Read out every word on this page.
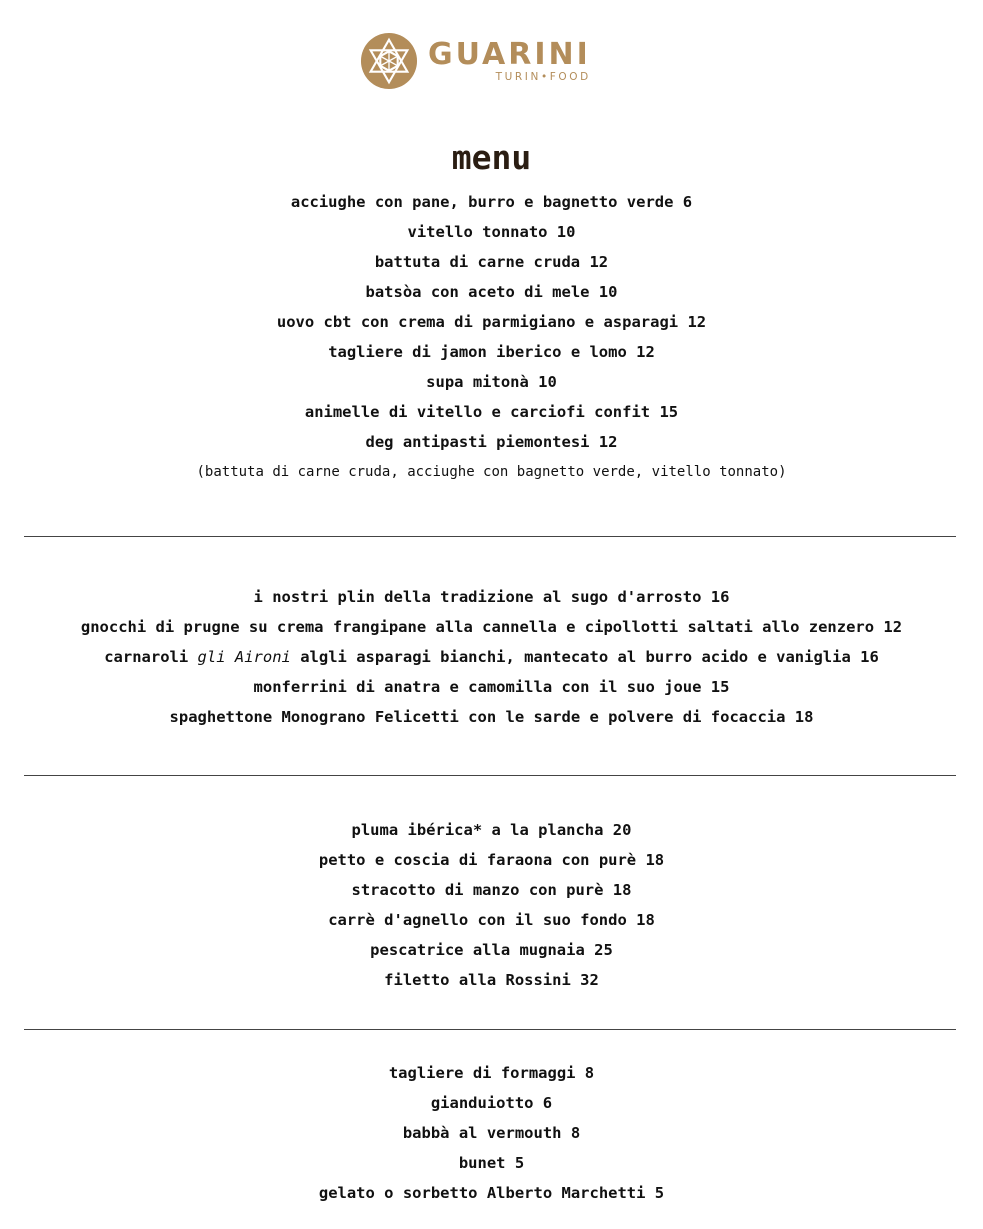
GUARINI
TURIN•FOOD
menu
acciughe con pane, burro e bagnetto verde 6
vitello tonnato 10
battuta di carne cruda 12
batsòa con aceto di mele 10
uovo cbt con crema di parmigiano e asparagi 12
tagliere di jamon iberico e lomo 12
supa mitonà 10
animelle di vitello e carciofi confit 15
deg antipasti piemontesi 12
(battuta di carne cruda, acciughe con bagnetto verde, vitello tonnato)
i nostri plin della tradizione al sugo d'arrosto 16
gnocchi di prugne su crema frangipane alla cannella e cipollotti saltati allo zenzero 12
carnaroli gli Aironi algli asparagi bianchi, mantecato al burro acido e vaniglia 16
monferrini di anatra e camomilla con il suo joue 15
spaghettone Monograno Felicetti con le sarde e polvere di focaccia 18
pluma ibérica* a la plancha 20
petto e coscia di faraona con purè 18
stracotto di manzo con purè 18
carrè d'agnello con il suo fondo 18
pescatrice alla mugnaia 25
filetto alla Rossini 32
tagliere di formaggi 8
gianduiotto 6
babbà al vermouth 8
bunet 5
gelato o sorbetto Alberto Marchetti 5
